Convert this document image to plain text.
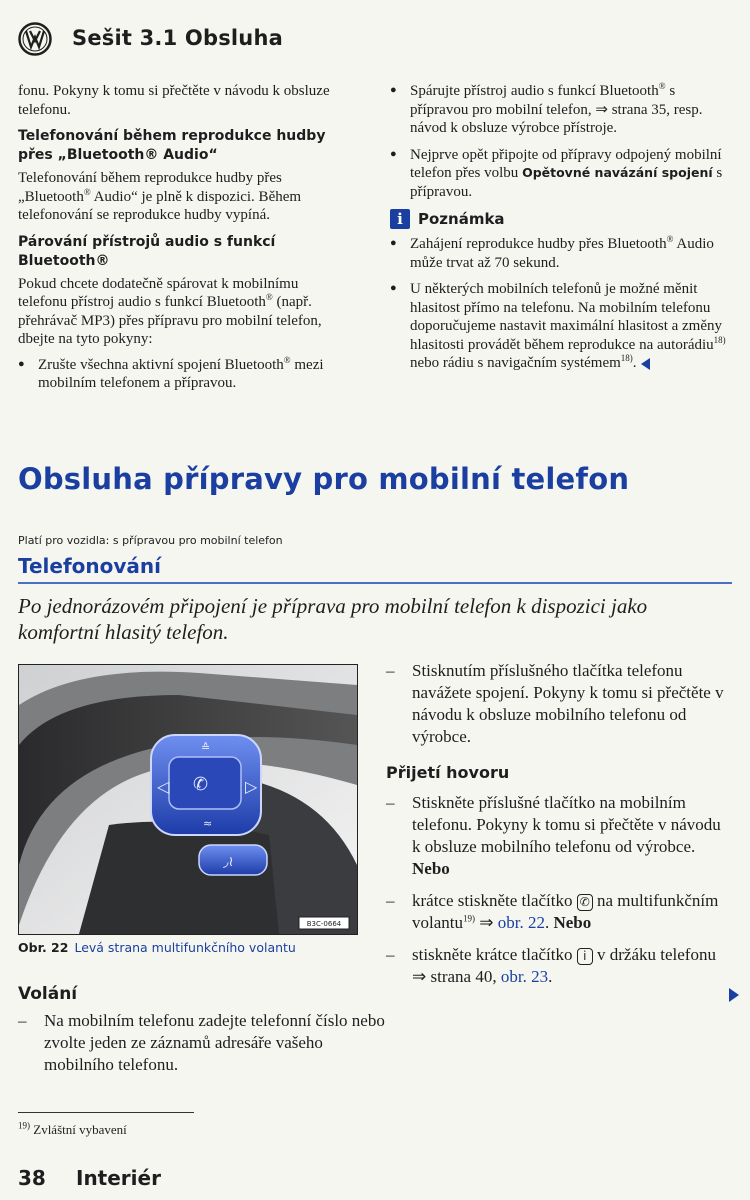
Sešit 3.1 Obsluha

fonu. Pokyny k tomu si přečtěte v návodu k obsluze telefonu.

Telefonování během reprodukce hudby přes „Bluetooth® Audio“

Telefonování během reprodukce hudby přes „Bluetooth® Audio“ je plně k dispozici. Během telefonování se reprodukce hudby vypíná.

Párování přístrojů audio s funkcí Bluetooth®

Pokud chcete dodatečně spárovat k mobilnímu telefonu přístroj audio s funkcí Bluetooth® (např. přehrávač MP3) přes přípravu pro mobilní telefon, dbejte na tyto pokyny:

● Zrušte všechna aktivní spojení Bluetooth® mezi mobilním telefonem a přípravou.
● Spárujte přístroj audio s funkcí Bluetooth® s přípravou pro mobilní telefon, ⇒ strana 35, resp. návod k obsluze výrobce přístroje.
● Nejprve opět připojte od přípravy odpojený mobilní telefon přes volbu Opětovné navázání spojení s přípravou.
i	Poznámka
● Zahájení reprodukce hudby přes Bluetooth® Audio může trvat až 70 sekund.
● U některých mobilních telefonů je možné měnit hlasitost přímo na telefonu. Na mobilním telefonu doporučujeme nastavit maximální hlasitost a změny hlasitosti provádět během reprodukce na autorádiu$^{18)}$ nebo rádiu s navigačním systémem$^{18)}$.
Obsluha přípravy pro mobilní telefon
Platí pro vozidla: s přípravou pro mobilní telefon
Telefonování
Po jednorázovém připojení je příprava pro mobilní telefon k dispozici jako komfortní hlasitý telefon.
✆
◁	▷
≙
≈
◞≀
B3C-0664
Obr. 22 Levá strana multifunkčního volantu
Volání
– Na mobilním telefonu zadejte telefonní číslo nebo zvolte jeden ze záznamů adresáře vašeho mobilního telefonu.

– Stisknutím příslušného tlačítka telefonu navážete spojení. Pokyny k tomu si přečtěte v návodu k obsluze mobilního telefonu od výrobce.

Přijetí hovoru

– Stiskněte příslušné tlačítko na mobilním telefonu. Pokyny k tomu si přečtěte v návodu k obsluze mobilního telefonu od výrobce. Nebo

– krátce stiskněte tlačítko ✆ na multifunkčním volantu$^{19)}$ ⇒ obr. 22. Nebo

– stiskněte krátce tlačítko i v držáku telefonu ⇒ strana 40, obr. 23.

$^{19)}$ Zvláštní vybavení
38 Interiér
